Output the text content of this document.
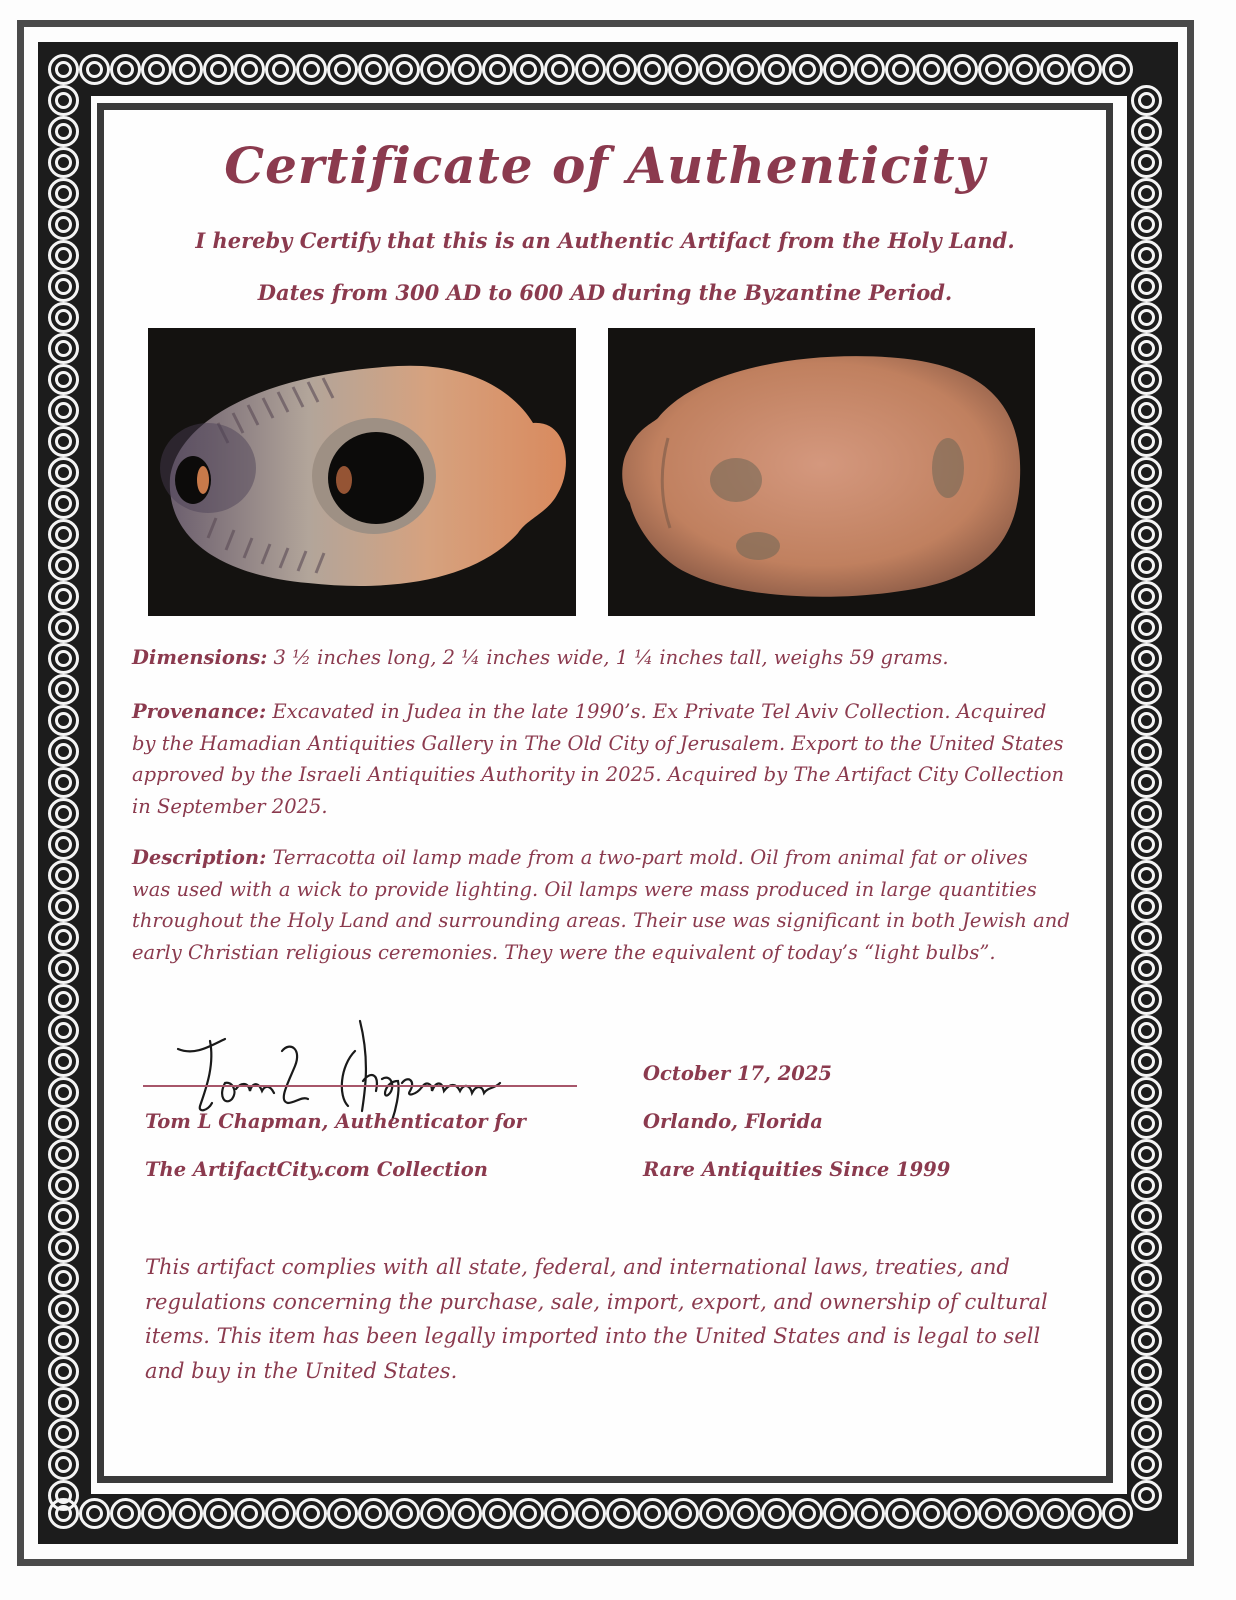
Certificate of Authenticity
I hereby Certify that this is an Authentic Artifact from the Holy Land.
Dates from 300 AD to 600 AD during the Byzantine Period.
Dimensions: 3 ½ inches long, 2 ¼ inches wide, 1 ¼ inches tall, weighs 59 grams.
Provenance: Excavated in Judea in the late 1990’s. Ex Private Tel Aviv Collection. Acquired by the Hamadian Antiquities Gallery in The Old City of Jerusalem. Export to the United States approved by the Israeli Antiquities Authority in 2025. Acquired by The Artifact City Collection in September 2025.
Description: Terracotta oil lamp made from a two-part mold. Oil from animal fat or olives was used with a wick to provide lighting. Oil lamps were mass produced in large quantities throughout the Holy Land and surrounding areas. Their use was significant in both Jewish and early Christian religious ceremonies. They were the equivalent of today’s “light bulbs”.
Tom L Chapman, Authenticator for
The ArtifactCity.com Collection
October 17, 2025
Orlando, Florida
Rare Antiquities Since 1999
This artifact complies with all state, federal, and international laws, treaties, and regulations concerning the purchase, sale, import, export, and ownership of cultural items. This item has been legally imported into the United States and is legal to sell and buy in the United States.
